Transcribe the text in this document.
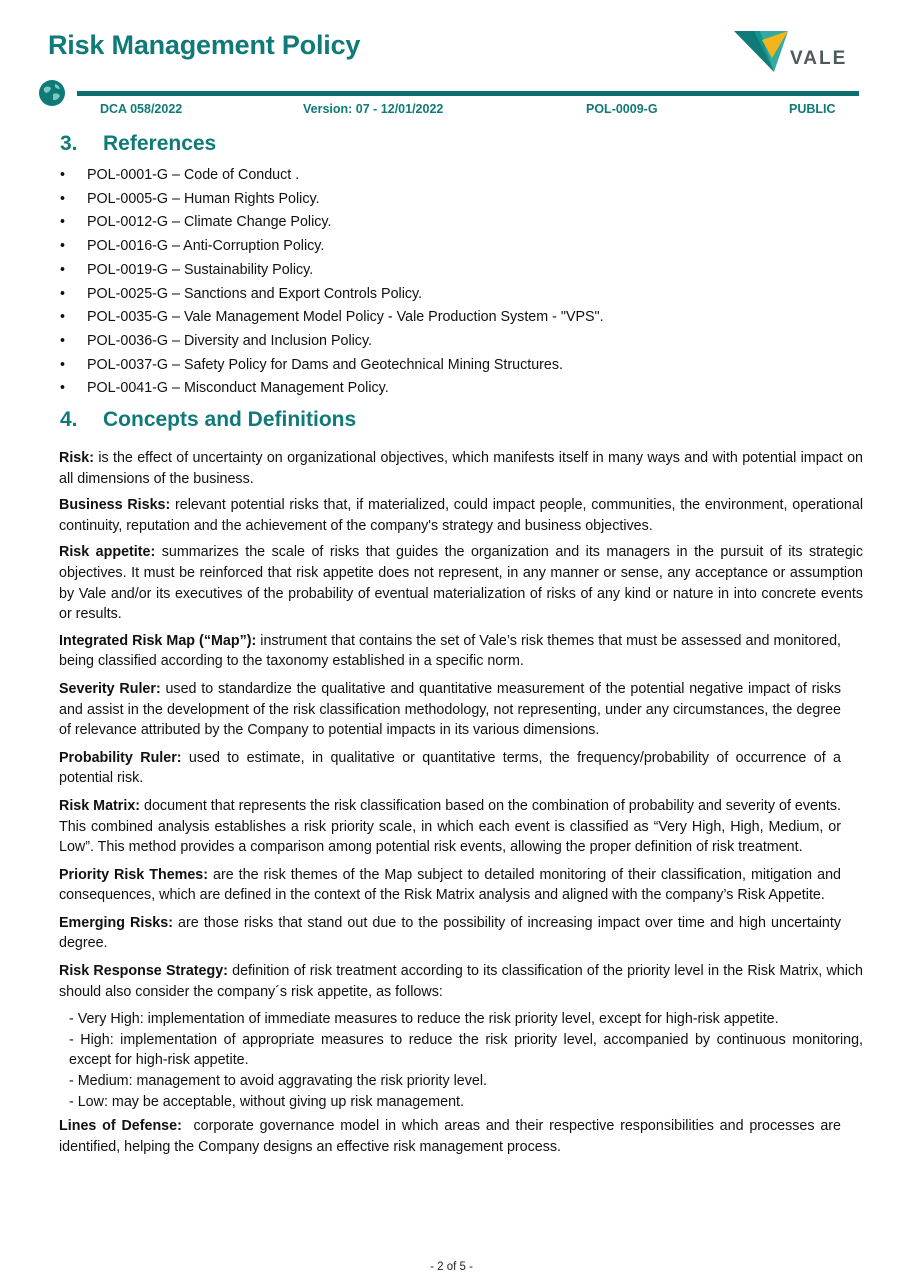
Risk Management Policy	VALE
DCA 058/2022	Version: 07 - 12/01/2022	POL-0009-G	PUBLIC
3. References
• POL-0001-G – Code of Conduct .
• POL-0005-G – Human Rights Policy.
• POL-0012-G – Climate Change Policy.
• POL-0016-G – Anti-Corruption Policy.
• POL-0019-G – Sustainability Policy.
• POL-0025-G – Sanctions and Export Controls Policy.
• POL-0035-G – Vale Management Model Policy - Vale Production System - "VPS".
• POL-0036-G – Diversity and Inclusion Policy.
• POL-0037-G – Safety Policy for Dams and Geotechnical Mining Structures.
• POL-0041-G – Misconduct Management Policy.
4. Concepts and Definitions

Risk: is the effect of uncertainty on organizational objectives, which manifests itself in many ways and with potential impact on all dimensions of the business.

Business Risks: relevant potential risks that, if materialized, could impact people, communities, the environment, operational continuity, reputation and the achievement of the company's strategy and business objectives.

Risk appetite: summarizes the scale of risks that guides the organization and its managers in the pursuit of its strategic objectives. It must be reinforced that risk appetite does not represent, in any manner or sense, any acceptance or assumption by Vale and/or its executives of the probability of eventual materialization of risks of any kind or nature in into concrete events or results.

Integrated Risk Map (“Map”): instrument that contains the set of Vale’s risk themes that must be assessed and monitored, being classified according to the taxonomy established in a specific norm.

Severity Ruler: used to standardize the qualitative and quantitative measurement of the potential negative impact of risks and assist in the development of the risk classification methodology, not representing, under any circumstances, the degree of relevance attributed by the Company to potential impacts in its various dimensions.

Probability Ruler: used to estimate, in qualitative or quantitative terms, the frequency/probability of occurrence of a potential risk.

Risk Matrix: document that represents the risk classification based on the combination of probability and severity of events. This combined analysis establishes a risk priority scale, in which each event is classified as “Very High, High, Medium, or Low”. This method provides a comparison among potential risk events, allowing the proper definition of risk treatment.

Priority Risk Themes: are the risk themes of the Map subject to detailed monitoring of their classification, mitigation and consequences, which are defined in the context of the Risk Matrix analysis and aligned with the company’s Risk Appetite.

Emerging Risks: are those risks that stand out due to the possibility of increasing impact over time and high uncertainty degree.

Risk Response Strategy: definition of risk treatment according to its classification of the priority level in the Risk Matrix, which should also consider the company´s risk appetite, as follows:

- Very High: implementation of immediate measures to reduce the risk priority level, except for high-risk appetite.
- High: implementation of appropriate measures to reduce the risk priority level, accompanied by continuous monitoring, except for high-risk appetite.
- Medium: management to avoid aggravating the risk priority level.
- Low: may be acceptable, without giving up risk management.

Lines of Defense:  corporate governance model in which areas and their respective responsibilities and processes are identified, helping the Company designs an effective risk management process.

- 2 of 5 -
